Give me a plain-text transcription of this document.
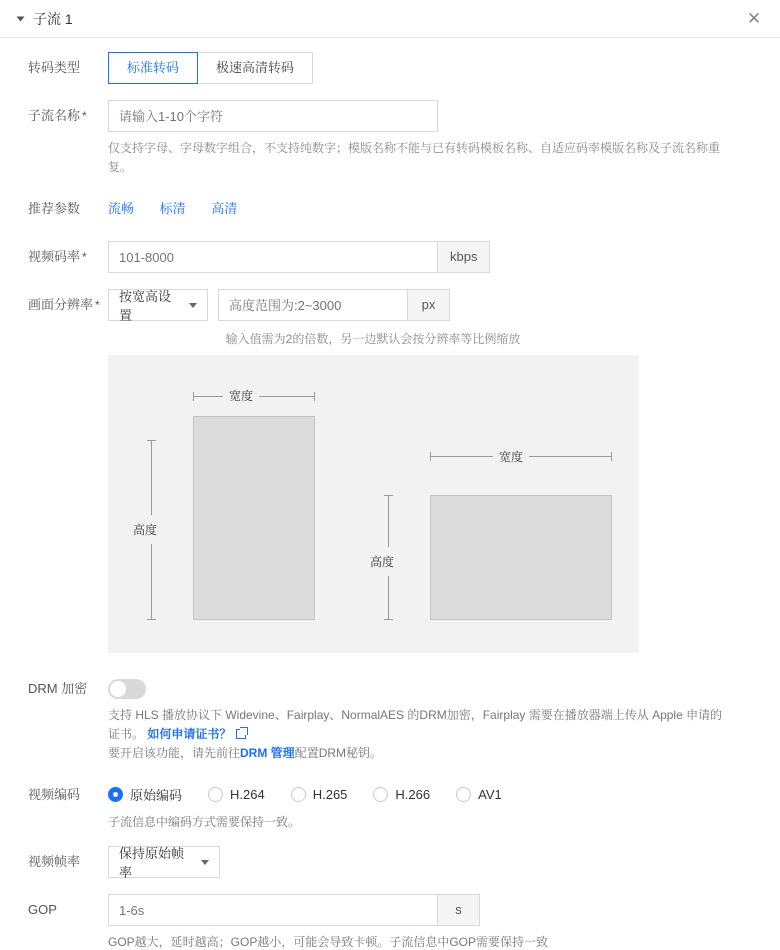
子流 1	✕
转码类型	标准转码	极速高清转码
子流名称 *
请输入1-10个字符
仅支持字母、字母数字组合，不支持纯数字；模版名称不能与已有转码模板名称、自适应码率模版名称及子流名称重复。
推荐参数	流畅 标清 高清
视频码率 *
101-8000	kbps
画面分辨率 *
按宽高设置
高度范围为:2~3000
px
输入值需为2的倍数，另一边默认会按分辨率等比例缩放
宽度
高度
宽度
高度
DRM 加密
支持 HLS 播放协议下 Widevine、Fairplay、NormalAES 的DRM加密，Fairplay 需要在播放器端上传从 Apple 申请的证书。 如何申请证书？
要开启该功能，请先前往DRM 管理配置DRM秘钥。
视频编码	原始编码	H.264	H.265	H.266	AV1
子流信息中编码方式需要保持一致。
视频帧率
保持原始帧率
GOP
1-6s	s
GOP越大，延时越高；GOP越小，可能会导致卡顿。子流信息中GOP需要保持一致
